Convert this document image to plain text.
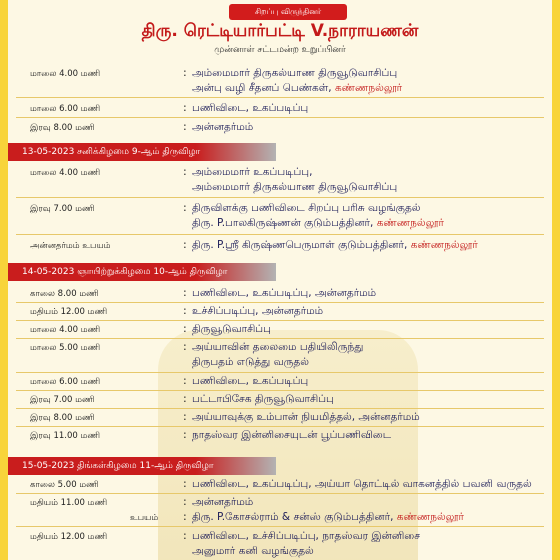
சிறப்பு விருந்தினர்
திரு. ரெட்டியார்பட்டி V.நாராயணன்
முன்னாள் சட்டமன்ற உறுப்பினர்
மாலை 4.00 மணி	: அம்மைமார் திருகல்யாண திருவூடுவாசிப்பு
அன்பு வழி சீதனப் பெண்கள், கண்ணநல்லூர்
மாலை 6.00 மணி	: பணிவிடை, உகப்படிப்பு
இரவு 8.00 மணி	: அன்னதர்மம்
13-05-2023 சனிக்கிழமை 9-ஆம் திருவிழா
மாலை 4.00 மணி	: அம்மைமார் உகப்படிப்பு,
அம்மைமார் திருகல்யாண திருவூடுவாசிப்பு
இரவு 7.00 மணி	: திருவிளக்கு பணிவிடை சிறப்பு பரிசு வழங்குதல்
திரு. P.பாலகிருஷ்ணன் குடும்பத்தினர், கண்ணநல்லூர்
அன்னதர்மம் உபயம்	: திரு. P.ஸ்ரீ கிருஷ்ணபெருமாள் குடும்பத்தினர், கண்ணநல்லூர்
14-05-2023 ஞாயிற்றுக்கிழமை 10-ஆம் திருவிழா
காலை 8.00 மணி	: பணிவிடை, உகப்படிப்பு, அன்னதர்மம்
மதியம் 12.00 மணி	: உச்சிப்படிப்பு, அன்னதர்மம்
மாலை 4.00 மணி	: திருவூடுவாசிப்பு
மாலை 5.00 மணி	: அய்யாவின் தலைமை பதியிலிருந்து
திருபதம் எடுத்து வருதல்
மாலை 6.00 மணி	: பணிவிடை, உகப்படிப்பு
இரவு 7.00 மணி	: பட்டாபிசேக திருவூடுவாசிப்பு
இரவு 8.00 மணி	: அய்யாவுக்கு உம்பான் நியமித்தல், அன்னதர்மம்
இரவு 11.00 மணி	: நாதஸ்வர இன்னிசையுடன் பூப்பணிவிடை
15-05-2023 திங்கள்கிழமை 11-ஆம் திருவிழா
காலை 5.00 மணி	: பணிவிடை, உகப்படிப்பு, அய்யா தொட்டில் வாகனத்தில் பவனி வருதல்
மதியம் 11.00 மணி	: அன்னதர்மம்
உபயம் : திரு. P.கோசல்ராம் & சன்ஸ் குடும்பத்தினர், கண்ணநல்லூர்
மதியம் 12.00 மணி	: பணிவிடை, உச்சிப்படிப்பு, நாதஸ்வர இன்னிசை
அனுமார் கனி வழங்குதல்
